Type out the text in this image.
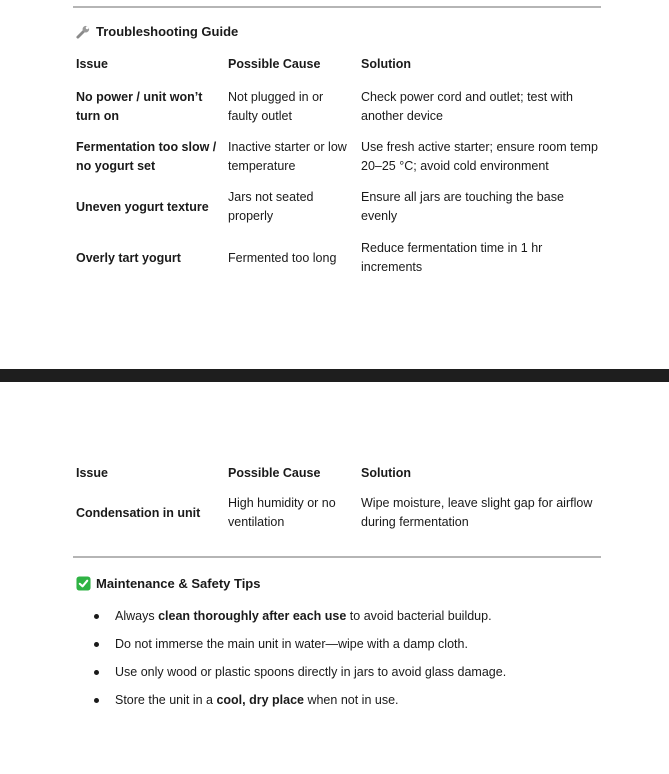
Troubleshooting Guide
Issue	Possible Cause	Solution
No power / unit won’t turn on	Not plugged in or faulty outlet	Check power cord and outlet; test with another device
Fermentation too slow / no yogurt set	Inactive starter or low temperature	Use fresh active starter; ensure room temp 20–25 °C; avoid cold environment
Uneven yogurt texture	Jars not seated properly	Ensure all jars are touching the base evenly
Overly tart yogurt	Fermented too long	Reduce fermentation time in 1 hr increments
Issue	Possible Cause	Solution
Condensation in unit	High humidity or no ventilation	Wipe moisture, leave slight gap for airflow during fermentation
Maintenance & Safety Tips
Always clean thoroughly after each use to avoid bacterial buildup.
Do not immerse the main unit in water—wipe with a damp cloth.
Use only wood or plastic spoons directly in jars to avoid glass damage.
Store the unit in a cool, dry place when not in use.
